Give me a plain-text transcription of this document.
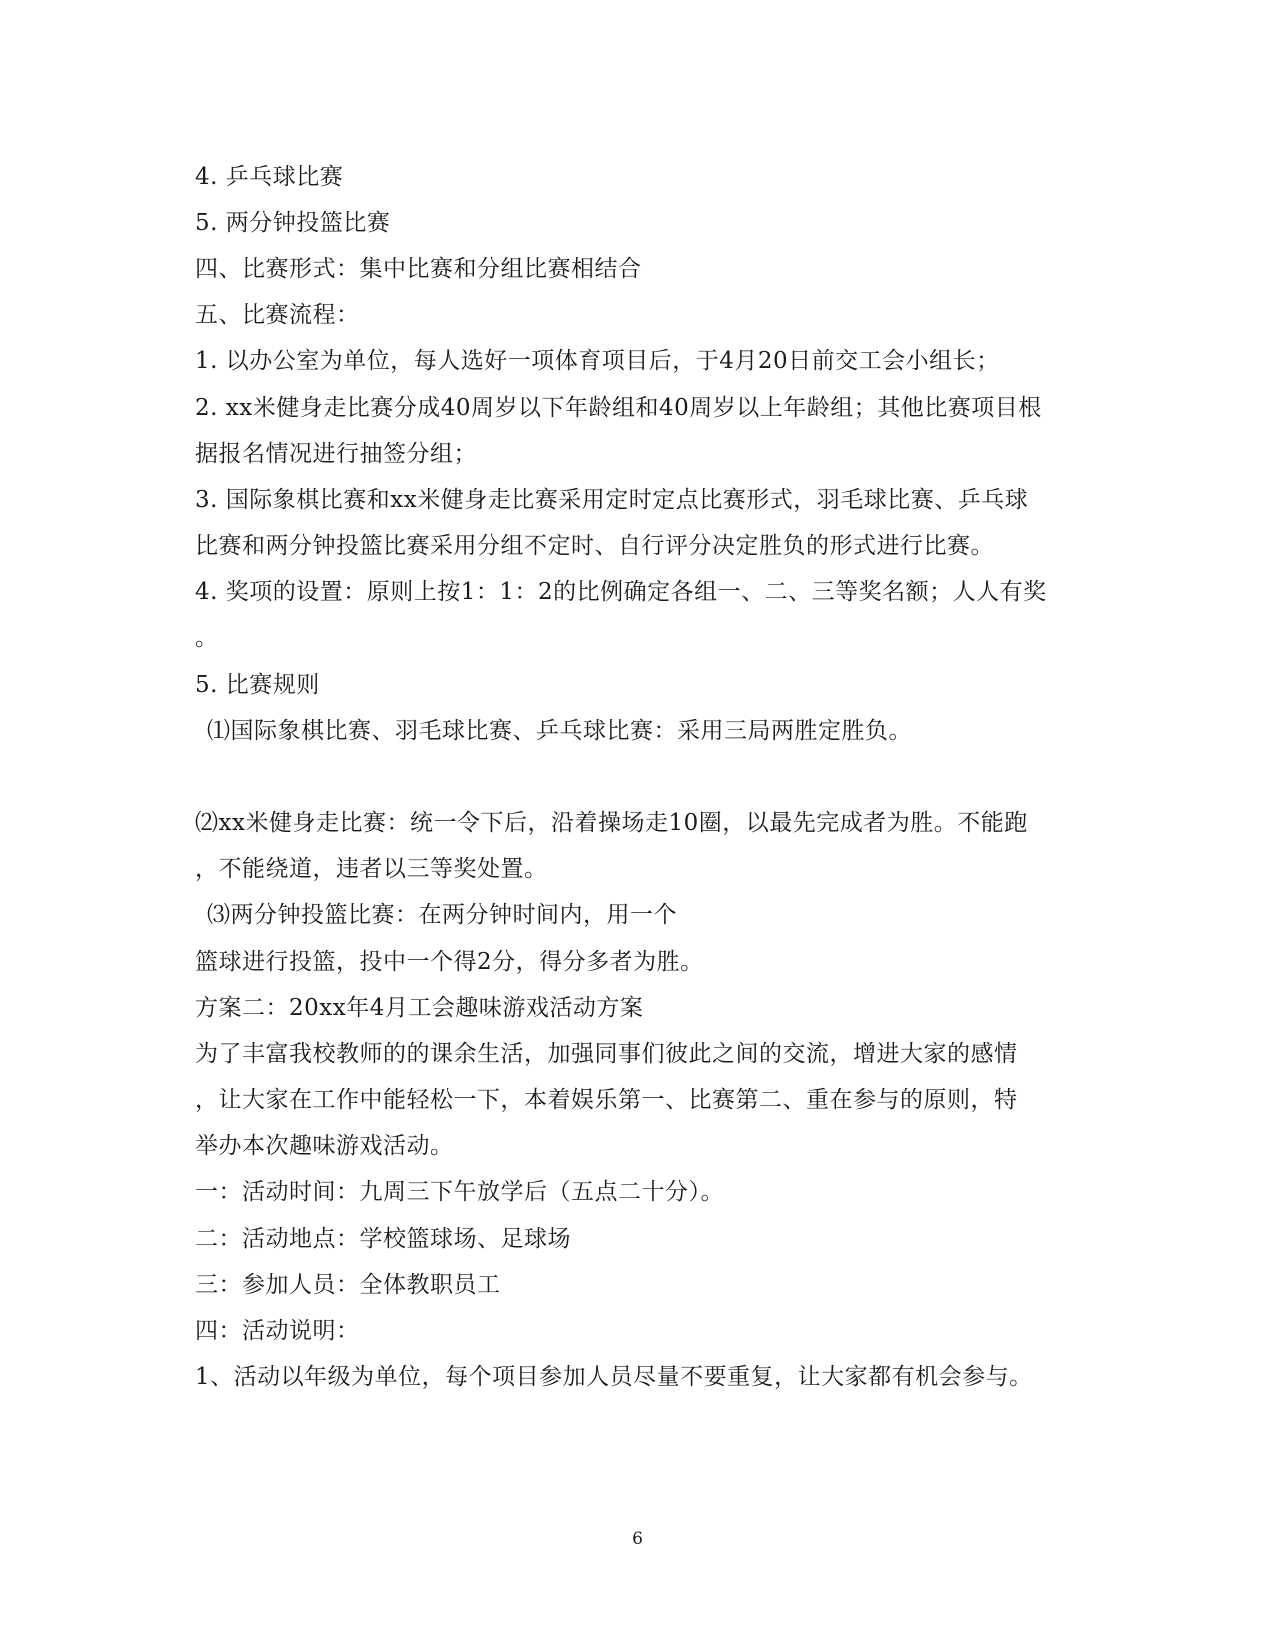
4. 乒乓球比赛
5. 两分钟投篮比赛
四、比赛形式：集中比赛和分组比赛相结合
五、比赛流程：
1. 以办公室为单位，每人选好一项体育项目后，于4月20日前交工会小组长；
2. xx米健身走比赛分成40周岁以下年龄组和40周岁以上年龄组；其他比赛项目根
据报名情况进行抽签分组；
3. 国际象棋比赛和xx米健身走比赛采用定时定点比赛形式，羽毛球比赛、乒乓球
比赛和两分钟投篮比赛采用分组不定时、自行评分决定胜负的形式进行比赛。
4. 奖项的设置：原则上按1：1：2的比例确定各组一、二、三等奖名额；人人有奖
。
5. 比赛规则
⑴国际象棋比赛、羽毛球比赛、乒乓球比赛：采用三局两胜定胜负。
⑵xx米健身走比赛：统一令下后，沿着操场走10圈，以最先完成者为胜。不能跑
，不能绕道，违者以三等奖处置。
⑶两分钟投篮比赛：在两分钟时间内，用一个
篮球进行投篮，投中一个得2分，得分多者为胜。
方案二：20xx年4月工会趣味游戏活动方案
为了丰富我校教师的的课余生活，加强同事们彼此之间的交流，增进大家的感情
，让大家在工作中能轻松一下，本着娱乐第一、比赛第二、重在参与的原则，特
举办本次趣味游戏活动。
一：活动时间：九周三下午放学后（五点二十分）。
二：活动地点：学校篮球场、足球场
三：参加人员：全体教职员工
四：活动说明：
1、活动以年级为单位，每个项目参加人员尽量不要重复，让大家都有机会参与。
6
